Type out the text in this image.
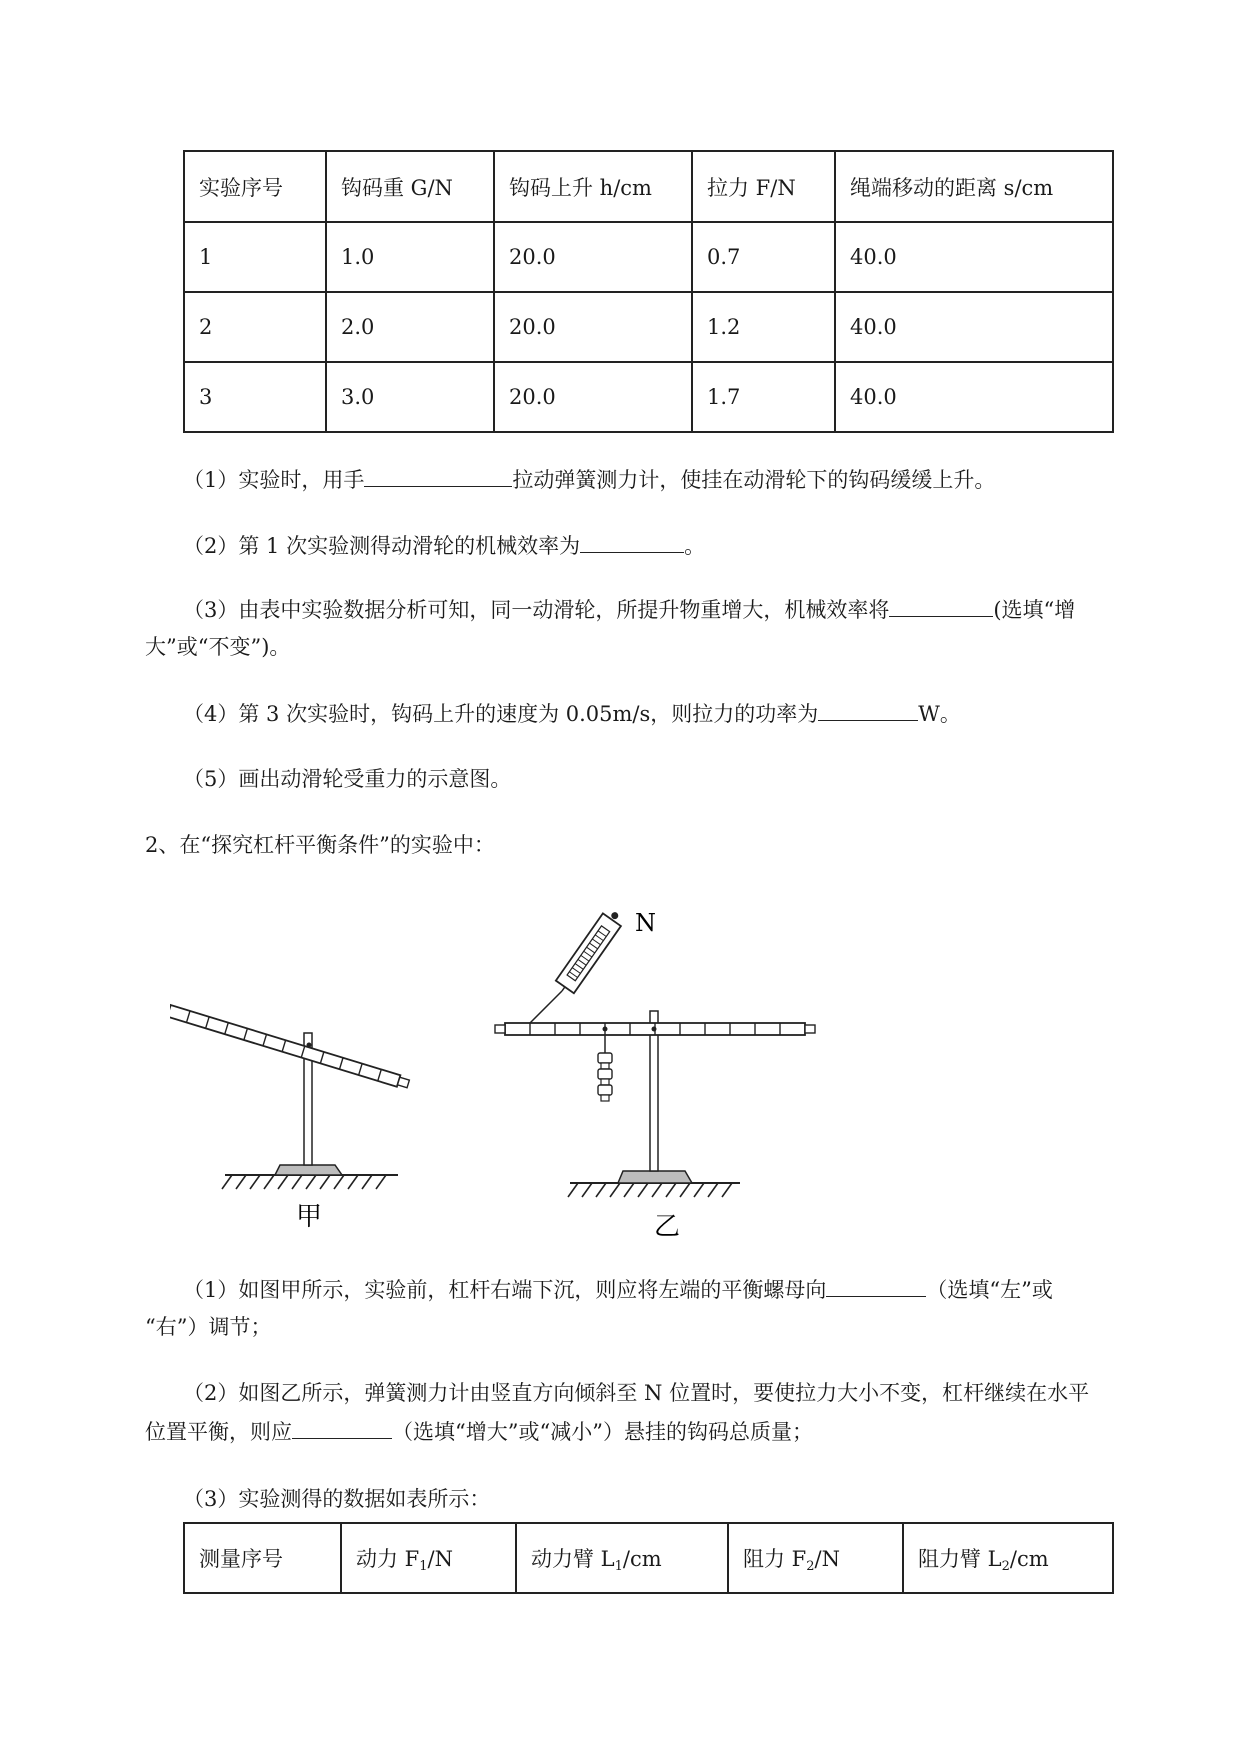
实验序号	钩码重 G/N	钩码上升 h/cm	拉力 F/N	绳端移动的距离 s/cm
1	1.0	20.0	0.7	40.0
2	2.0	20.0	1.2	40.0
3	3.0	20.0	1.7	40.0
（1）实验时，用手	拉动弹簧测力计，使挂在动滑轮下的钩码缓缓上升。
（2）第 1 次实验测得动滑轮的机械效率为	。
（3）由表中实验数据分析可知，同一动滑轮，所提升物重增大，机械效率将	(选填“增
大”或“不变”)。
（4）第 3 次实验时，钩码上升的速度为 0.05m/s，则拉力的功率为	W。
（5）画出动滑轮受重力的示意图。
2、在“探究杠杆平衡条件”的实验中：
甲
N
乙
（1）如图甲所示，实验前，杠杆右端下沉，则应将左端的平衡螺母向	（选填“左”或
“右”）调节；
（2）如图乙所示，弹簧测力计由竖直方向倾斜至 N 位置时，要使拉力大小不变，杠杆继续在水平
位置平衡，则应	（选填“增大”或“减小”）悬挂的钩码总质量；
（3）实验测得的数据如表所示：
测量序号	动力 F1/N	动力臂 L1/cm	阻力 F2/N	阻力臂 L2/cm
